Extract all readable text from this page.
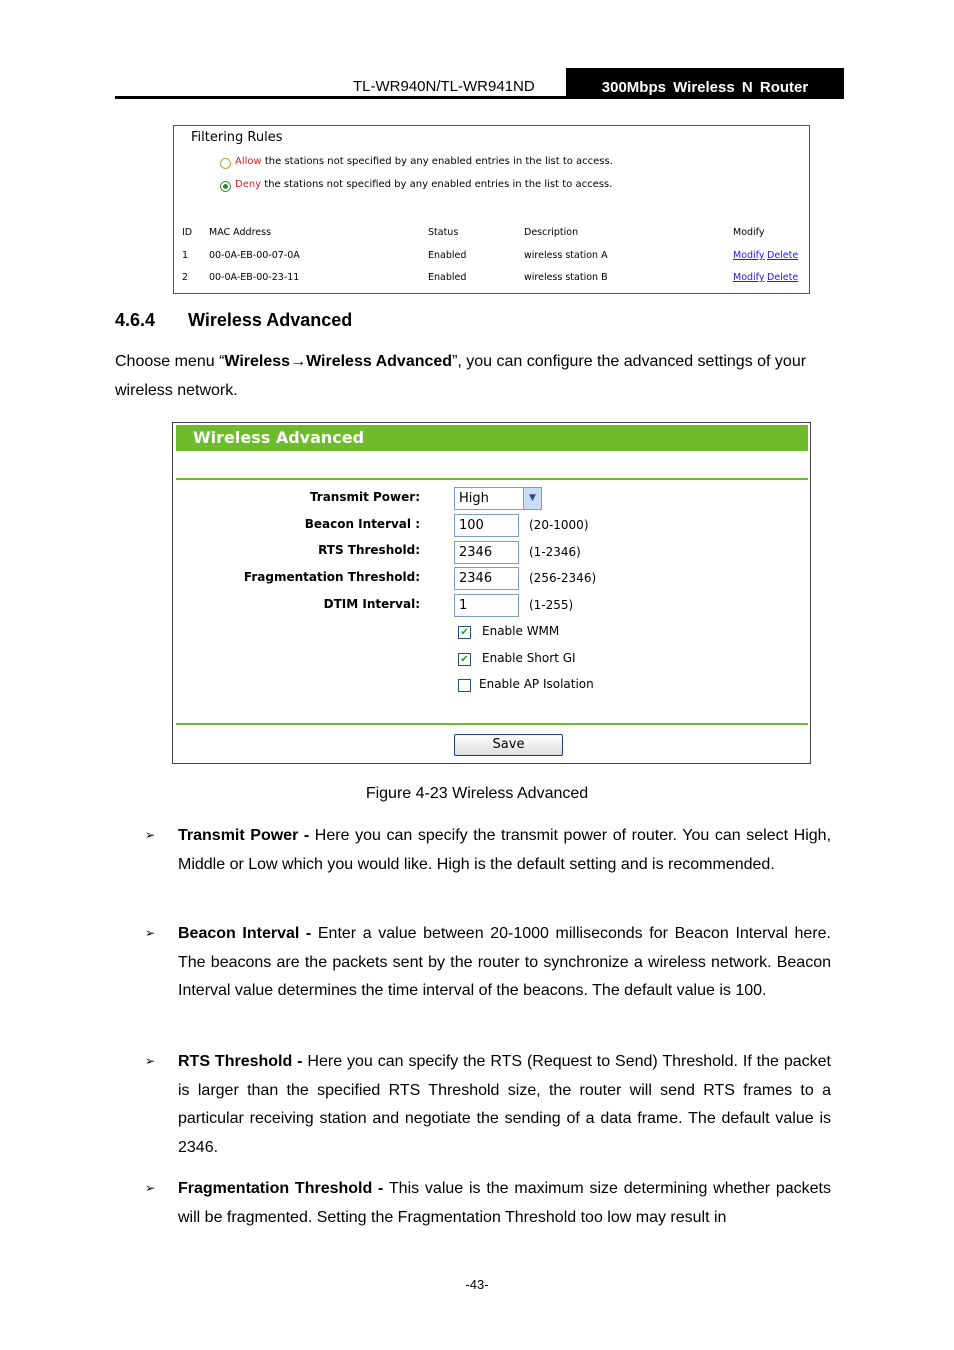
TL-WR940N/TL-WR941ND	300Mbps Wireless N Router
Filtering Rules
Allow the stations not specified by any enabled entries in the list to access.
Deny the stations not specified by any enabled entries in the list to access.
ID MAC Address	Status	Description	Modify
1 00-0A-EB-00-07-0A	Enabled	wireless station A	Modify Delete
2 00-0A-EB-00-23-11	Enabled	wireless station B	Modify Delete
4.6.4 Wireless Advanced
Choose menu “Wireless→Wireless Advanced”, you can configure the advanced settings of your wireless network.
Wireless Advanced
Transmit Power:	High	▼
Beacon Interval :	100	(20-1000)
RTS Threshold:	2346	(1-2346)
Fragmentation Threshold:	2346	(256-2346)
DTIM Interval:	1	(1-255)
✔ Enable WMM
✔ Enable Short GI
Enable AP Isolation
Save
Figure 4-23 Wireless Advanced
➢ Transmit Power - Here you can specify the transmit power of router. You can select High, Middle or Low which you would like. High is the default setting and is recommended.
➢ Beacon Interval - Enter a value between 20-1000 milliseconds for Beacon Interval here. The beacons are the packets sent by the router to synchronize a wireless network. Beacon Interval value determines the time interval of the beacons. The default value is 100.
➢ RTS Threshold - Here you can specify the RTS (Request to Send) Threshold. If the packet is larger than the specified RTS Threshold size, the router will send RTS frames to a particular receiving station and negotiate the sending of a data frame. The default value is 2346.
➢ Fragmentation Threshold - This value is the maximum size determining whether packets will be fragmented. Setting the Fragmentation Threshold too low may result in
-43-
